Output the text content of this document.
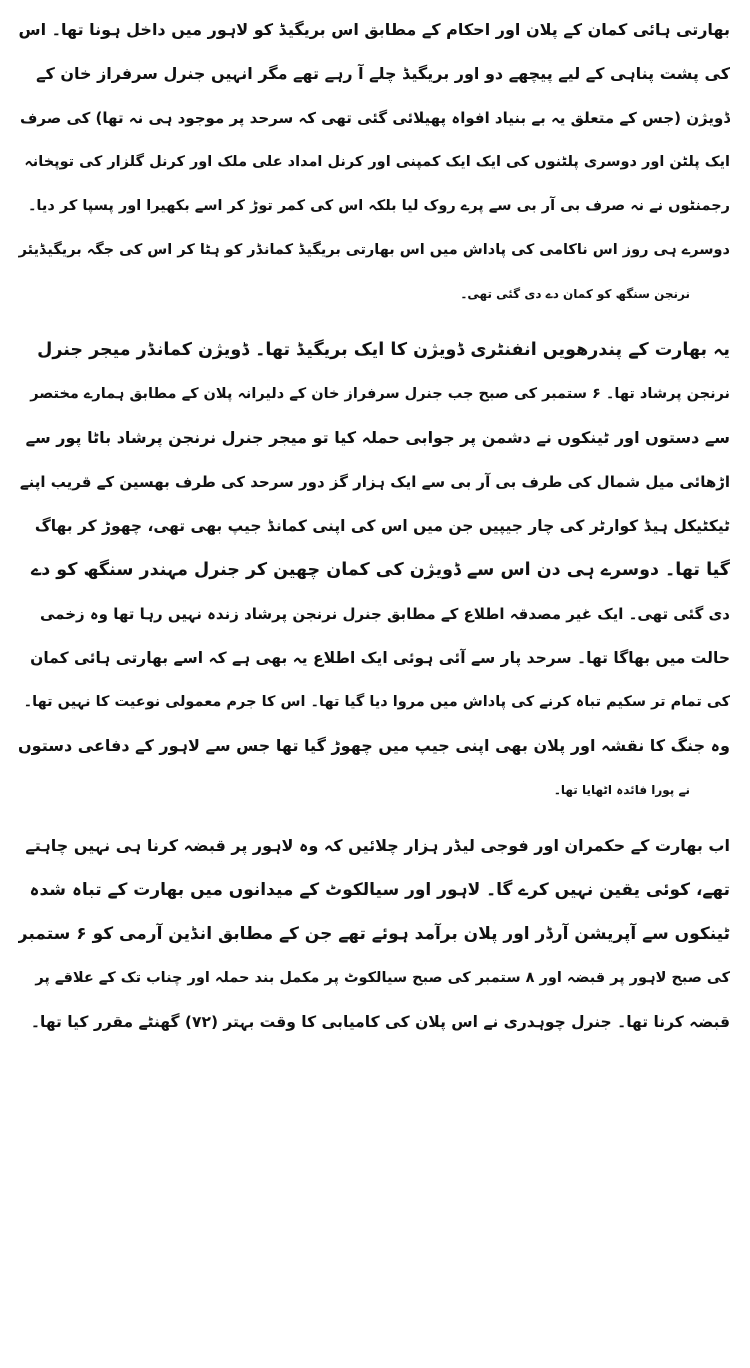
بھارتی ہائی کمان کے پلان اور احکام کے مطابق اس بریگیڈ کو لاہور میں داخل ہونا تھا۔ اس
کی پشت پناہی کے لیے پیچھے دو اور بریگیڈ چلے آ رہے تھے مگر انہیں جنرل سرفراز خان کے
ڈویژن (جس کے متعلق یہ بے بنیاد افواہ پھیلائی گئی تھی کہ سرحد پر موجود ہی نہ تھا) کی صرف
ایک پلٹن اور دوسری پلٹنوں کی ایک ایک کمپنی اور کرنل امداد علی ملک اور کرنل گلزار کی توپخانہ
رجمنٹوں نے نہ صرف بی آر بی سے پرے روک لیا بلکہ اس کی کمر توڑ کر اسے بکھیرا اور پسپا کر دیا۔
دوسرے ہی روز اس ناکامی کی پاداش میں اس بھارتی بریگیڈ کمانڈر کو ہٹا کر اس کی جگہ بریگیڈیئر
نرنجن سنگھ کو کمان دے دی گئی تھی۔
یہ بھارت کے پندرھویں انفنٹری ڈویژن کا ایک بریگیڈ تھا۔ ڈویژن کمانڈر میجر جنرل
نرنجن پرشاد تھا۔ ۶ ستمبر کی صبح جب جنرل سرفراز خان کے دلیرانہ پلان کے مطابق ہمارے مختصر
سے دستوں اور ٹینکوں نے دشمن پر جوابی حملہ کیا تو میجر جنرل نرنجن پرشاد باٹا پور سے
اڑھائی میل شمال کی طرف بی آر بی سے ایک ہزار گز دور سرحد کی طرف بھسین کے قریب اپنے
ٹیکٹیکل ہیڈ کوارٹر کی چار جیپیں جن میں اس کی اپنی کمانڈ جیپ بھی تھی، چھوڑ کر بھاگ
گیا تھا۔ دوسرے ہی دن اس سے ڈویژن کی کمان چھین کر جنرل مہندر سنگھ کو دے
دی گئی تھی۔ ایک غیر مصدقہ اطلاع کے مطابق جنرل نرنجن پرشاد زندہ نہیں رہا تھا وہ زخمی
حالت میں بھاگا تھا۔ سرحد پار سے آئی ہوئی ایک اطلاع یہ بھی ہے کہ اسے بھارتی ہائی کمان
کی تمام تر سکیم تباہ کرنے کی پاداش میں مروا دیا گیا تھا۔ اس کا جرم معمولی نوعیت کا نہیں تھا۔
وہ جنگ کا نقشہ اور پلان بھی اپنی جیپ میں چھوڑ گیا تھا جس سے لاہور کے دفاعی دستوں
نے پورا فائدہ اٹھایا تھا۔
اب بھارت کے حکمران اور فوجی لیڈر ہزار چلائیں کہ وہ لاہور پر قبضہ کرنا ہی نہیں چاہتے
تھے، کوئی یقین نہیں کرے گا۔ لاہور اور سیالکوٹ کے میدانوں میں بھارت کے تباہ شدہ
ٹینکوں سے آپریشن آرڈر اور پلان برآمد ہوئے تھے جن کے مطابق انڈین آرمی کو ۶ ستمبر
کی صبح لاہور پر قبضہ اور ۸ ستمبر کی صبح سیالکوٹ پر مکمل بند حملہ اور چناب تک کے علاقے پر
قبضہ کرنا تھا۔ جنرل چوہدری نے اس پلان کی کامیابی کا وقت بہتر (۷۲) گھنٹے مقرر کیا تھا۔
